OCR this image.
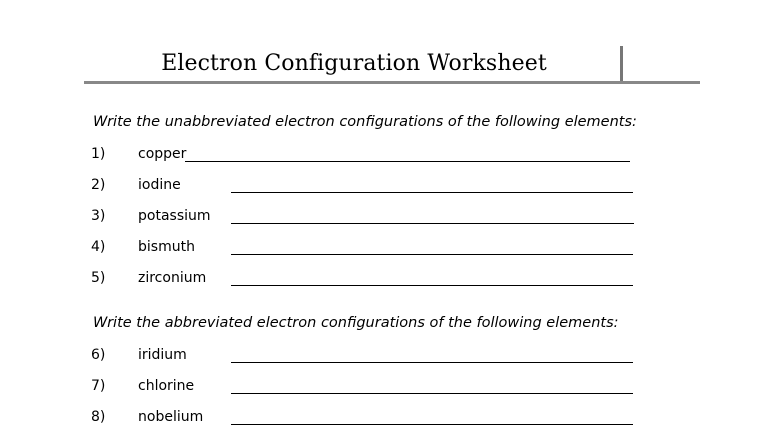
Electron Configuration Worksheet
Write the unabbreviated electron configurations of the following elements:
1) copper
2) iodine
3) potassium
4) bismuth
5) zirconium
Write the abbreviated electron configurations of the following elements:
6) iridium
7) chlorine
8) nobelium
